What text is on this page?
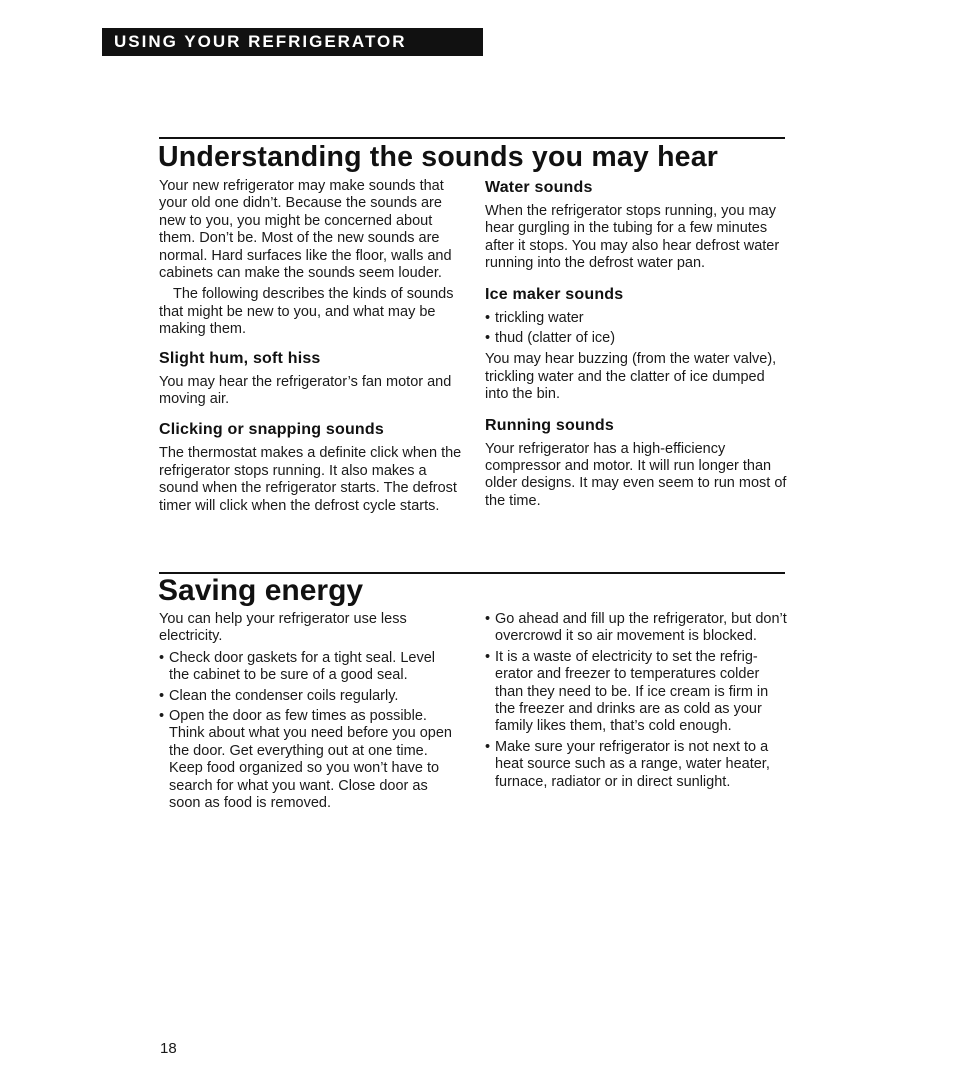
USING YOUR REFRIGERATOR
Understanding the sounds you may hear

Your new refrigerator may make sounds that your old one didn’t. Because the sounds are new to you, you might be concerned about them. Don’t be. Most of the new sounds are normal. Hard surfaces like the floor, walls and cabinets can make the sounds seem louder.

The following describes the kinds of sounds that might be new to you, and what may be making them.

Slight hum, soft hiss

You may hear the refrigerator’s fan motor and moving air.

Clicking or snapping sounds

The thermostat makes a definite click when the refrigerator stops running. It also makes a sound when the refrigerator starts. The defrost timer will click when the defrost cycle starts.

Water sounds

When the refrigerator stops running, you may hear gurgling in the tubing for a few minutes after it stops. You may also hear defrost water running into the defrost water pan.

Ice maker sounds
• trickling water
• thud (clatter of ice)

You may hear buzzing (from the water valve), trickling water and the clatter of ice dumped into the bin.

Running sounds

Your refrigerator has a high-efficiency compressor and motor. It will run longer than older designs. It may even seem to run most of the time.

Saving energy

You can help your refrigerator use less electricity.

• Check door gaskets for a tight seal. Level the cabinet to be sure of a good seal.
• Clean the condenser coils regularly.
• Open the door as few times as possible. Think about what you need before you open the door. Get everything out at one time. Keep food organized so you won’t have to search for what you want. Close door as soon as food is removed.
• Go ahead and fill up the refrigerator, but don’t overcrowd it so air movement is blocked.
• It is a waste of electricity to set the refrig-erator and freezer to temperatures colder than they need to be. If ice cream is firm in the freezer and drinks are as cold as your family likes them, that’s cold enough.
• Make sure your refrigerator is not next to a heat source such as a range, water heater, furnace, radiator or in direct sunlight.
18
